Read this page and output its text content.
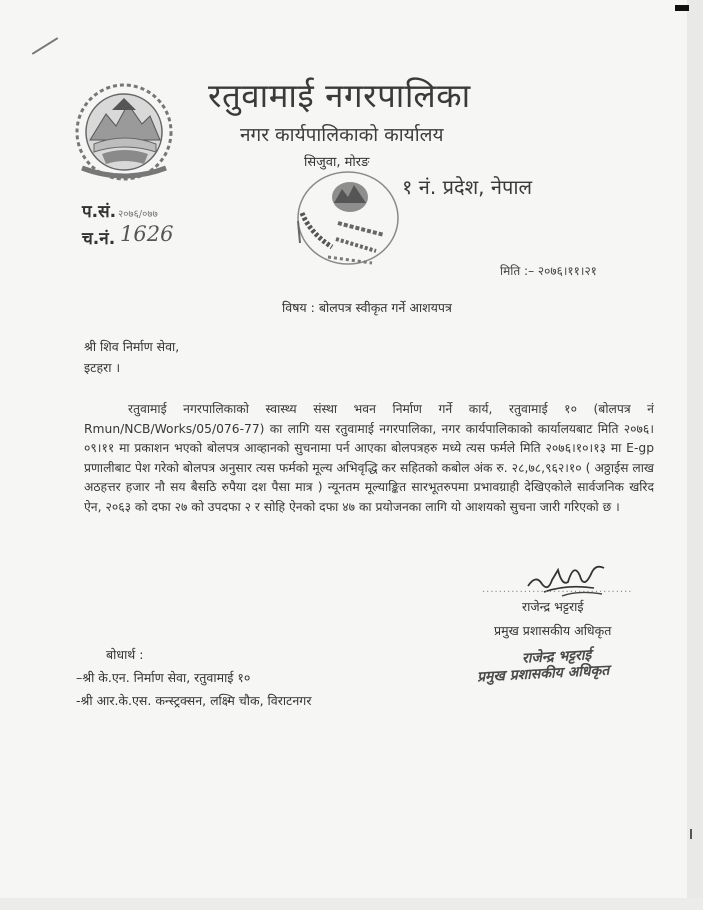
रतुवामाई नगरपालिका
नगर कार्यपालिकाको कार्यालय
सिजुवा, मोरङ
१ नं. प्रदेश, नेपाल
प.सं. २०७६/०७७
च.नं. 1626
मिति :– २०७६।११।२१
विषय : बोलपत्र स्वीकृत गर्ने आशयपत्र
श्री शिव निर्माण सेवा,
इटहरा ।
रतुवामाई नगरपालिकाको स्वास्थ्य संस्था भवन निर्माण गर्ने कार्य, रतुवामाई १० (बोलपत्र नं Rmun/NCB/Works/05/076-77) का लागि यस रतुवामाई नगरपालिका, नगर कार्यपालिकाको कार्यालयबाट मिति २०७६।०९।११ मा प्रकाशन भएको बोलपत्र आव्हानको सुचनामा पर्न आएका बोलपत्रहरु मध्ये त्यस फर्मले मिति २०७६।१०।१३ मा E-gp प्रणालीबाट पेश गरेको बोलपत्र अनुसार त्यस फर्मको मूल्य अभिवृद्धि कर सहितको कबोल अंक रु. २८,७८,९६२।१० ( अठ्ठाईस लाख अठहत्तर हजार नौ सय बैसठि रुपैया दश पैसा मात्र ) न्यूनतम मूल्याङ्कित सारभूतरुपमा प्रभावग्राही देखिएकोले सार्वजनिक खरिद ऐन, २०६३ को दफा २७ को उपदफा २ र सोहि ऐनको दफा ४७ का प्रयोजनका लागि यो आशयको सुचना जारी गरिएको छ ।
....................................
राजेन्द्र भट्टराई
प्रमुख प्रशासकीय अधिकृत
राजेन्द्र भट्टराई
प्रमुख प्रशासकीय अधिकृत
बोधार्थ :
–श्री के.एन. निर्माण सेवा, रतुवामाई १०
-श्री आर.के.एस. कन्स्ट्रक्सन, लक्ष्मि चौक, विराटनगर
